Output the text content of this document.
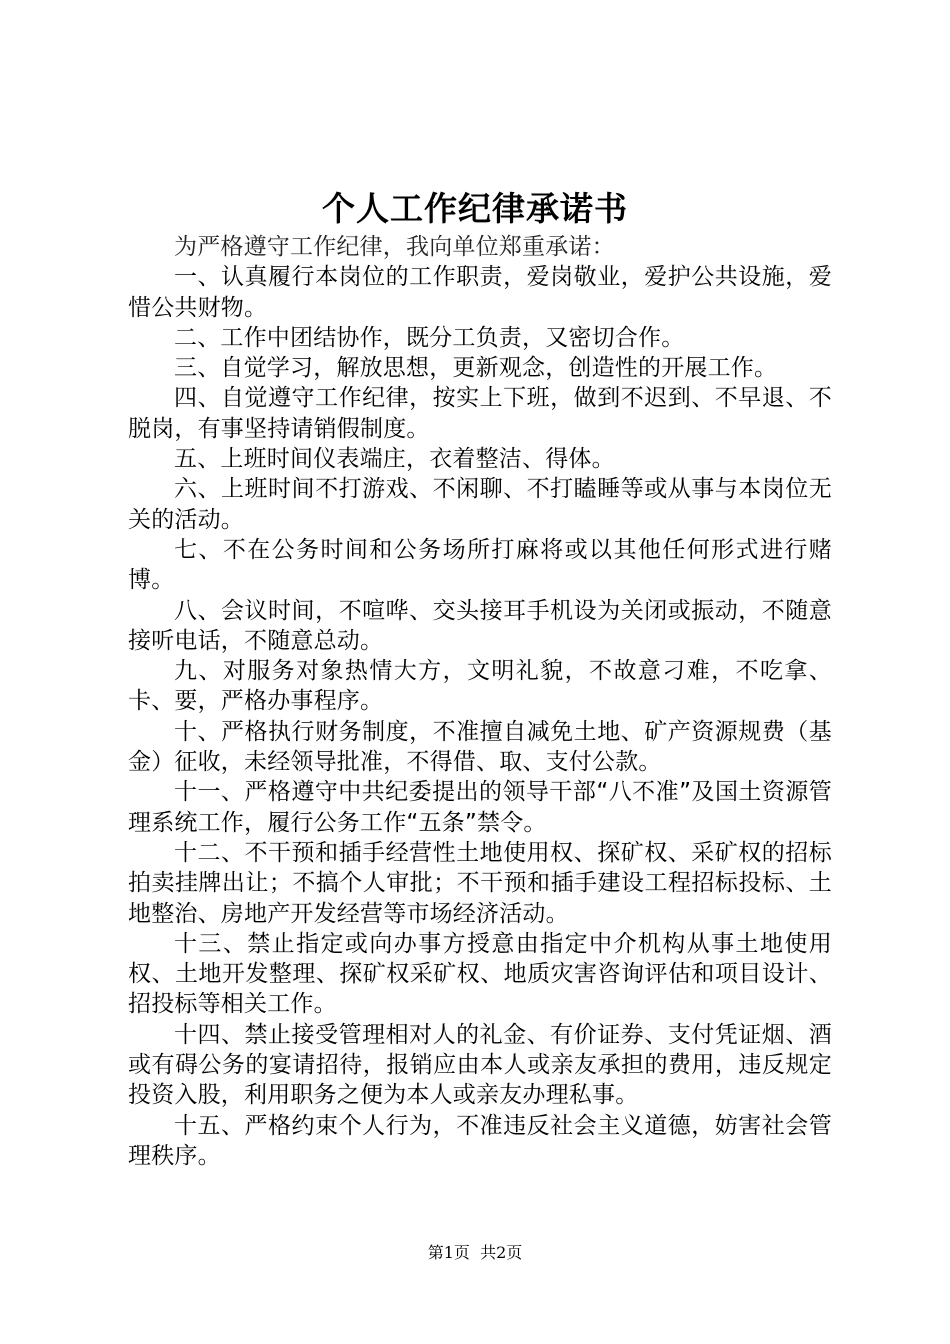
个人工作纪律承诺书

为严格遵守工作纪律，我向单位郑重承诺：

一、认真履行本岗位的工作职责，爱岗敬业，爱护公共设施，爱惜公共财物。

二、工作中团结协作，既分工负责，又密切合作。

三、自觉学习，解放思想，更新观念，创造性的开展工作。

四、自觉遵守工作纪律，按实上下班，做到不迟到、不早退、不脱岗，有事坚持请销假制度。

五、上班时间仪表端庄，衣着整洁、得体。

六、上班时间不打游戏、不闲聊、不打瞌睡等或从事与本岗位无关的活动。

七、不在公务时间和公务场所打麻将或以其他任何形式进行赌博。

八、会议时间，不喧哗、交头接耳手机设为关闭或振动，不随意接听电话，不随意总动。

九、对服务对象热情大方，文明礼貌，不故意刁难，不吃拿、卡、要，严格办事程序。

十、严格执行财务制度，不准擅自减免土地、矿产资源规费（基金）征收，未经领导批准，不得借、取、支付公款。

十一、严格遵守中共纪委提出的领导干部“八不准”及国土资源管理系统工作，履行公务工作“五条”禁令。

十二、不干预和插手经营性土地使用权、探矿权、采矿权的招标拍卖挂牌出让；不搞个人审批；不干预和插手建设工程招标投标、土地整治、房地产开发经营等市场经济活动。

十三、禁止指定或向办事方授意由指定中介机构从事土地使用权、土地开发整理、探矿权采矿权、地质灾害咨询评估和项目设计、招投标等相关工作。

十四、禁止接受管理相对人的礼金、有价证券、支付凭证烟、酒或有碍公务的宴请招待，报销应由本人或亲友承担的费用，违反规定投资入股，利用职务之便为本人或亲友办理私事。

十五、严格约束个人行为，不准违反社会主义道德，妨害社会管理秩序。

第1页 共2页
